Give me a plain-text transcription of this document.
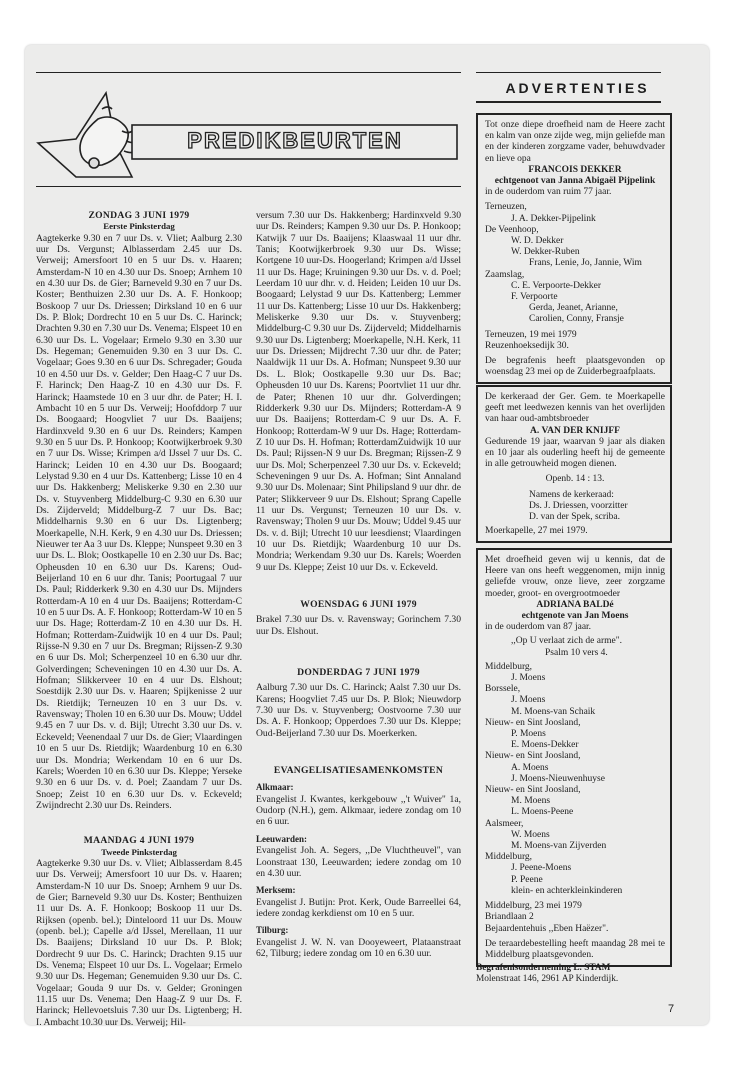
PREDIKBEURTEN

ZONDAG 3 JUNI 1979

Eerste Pinksterdag

Aagtekerke 9.30 en 7 uur Ds. v. Vliet; Aalburg 2.30 uur Ds. Vergunst; Alblasserdam 2.45 uur Ds. Verweij; Amersfoort 10 en 5 uur Ds. v. Haaren; Amsterdam-N 10 en 4.30 uur Ds. Snoep; Arnhem 10 en 4.30 uur Ds. de Gier; Barneveld 9.30 en 7 uur Ds. Koster; Benthuizen 2.30 uur Ds. A. F. Honkoop; Boskoop 7 uur Ds. Driessen; Dirksland 10 en 6 uur Ds. P. Blok; Dordrecht 10 en 5 uur Ds. C. Harinck; Drachten 9.30 en 7.30 uur Ds. Venema; Elspeet 10 en 6.30 uur Ds. L. Vogelaar; Ermelo 9.30 en 3.30 uur Ds. Hegeman; Genemuiden 9.30 en 3 uur Ds. C. Vogelaar; Goes 9.30 en 6 uur Ds. Schregader; Gouda 10 en 4.50 uur Ds. v. Gelder; Den Haag-C 7 uur Ds. F. Harinck; Den Haag-Z 10 en 4.30 uur Ds. F. Harinck; Haamstede 10 en 3 uur dhr. de Pater; H. I. Ambacht 10 en 5 uur Ds. Verweij; Hoofddorp 7 uur Ds. Boogaard; Hoogvliet 7 uur Ds. Baaijens; Hardinxveld 9.30 en 6 uur Ds. Reinders; Kampen 9.30 en 5 uur Ds. P. Honkoop; Kootwijkerbroek 9.30 en 7 uur Ds. Wisse; Krimpen a/d IJssel 7 uur Ds. C. Harinck; Leiden 10 en 4.30 uur Ds. Boogaard; Lelystad 9.30 en 4 uur Ds. Kattenberg; Lisse 10 en 4 uur Ds. Hakkenberg; Meliskerke 9.30 en 2.30 uur Ds. v. Stuyvenberg Middelburg-C 9.30 en 6.30 uur Ds. Zijderveld; Middelburg-Z 7 uur Ds. Bac; Middelharnis 9.30 en 6 uur Ds. Ligtenberg; Moerkapelle, N.H. Kerk, 9 en 4.30 uur Ds. Driessen; Nieuwer ter Aa 3 uur Ds. Kleppe; Nunspeet 9.30 en 3 uur Ds. L. Blok; Oostkapelle 10 en 2.30 uur Ds. Bac; Opheusden 10 en 6.30 uur Ds. Karens; Oud-Beijerland 10 en 6 uur dhr. Tanis; Poortugaal 7 uur Ds. Paul; Ridderkerk 9.30 en 4.30 uur Ds. Mijnders Rotterdam-A 10 en 4 uur Ds. Baaijens; Rotterdam-C 10 en 5 uur Ds. A. F. Honkoop; Rotterdam-W 10 en 5 uur Ds. Hage; Rotterdam-Z 10 en 4.30 uur Ds. H. Hofman; Rotterdam-Zuidwijk 10 en 4 uur Ds. Paul; Rijsse-N 9.30 en 7 uur Ds. Bregman; Rijssen-Z 9.30 en 6 uur Ds. Mol; Scherpenzeel 10 en 6.30 uur dhr. Golverdingen; Scheveningen 10 en 4.30 uur Ds. A. Hofman; Slikkerveer 10 en 4 uur Ds. Elshout; Soestdijk 2.30 uur Ds. v. Haaren; Spijkenisse 2 uur Ds. Rietdijk; Terneuzen 10 en 3 uur Ds. v. Ravensway; Tholen 10 en 6.30 uur Ds. Mouw; Uddel 9.45 en 7 uur Ds. v. d. Bijl; Utrecht 3.30 uur Ds. v. Eckeveld; Veenendaal 7 uur Ds. de Gier; Vlaardingen 10 en 5 uur Ds. Rietdijk; Waardenburg 10 en 6.30 uur Ds. Mondria; Werkendam 10 en 6 uur Ds. Karels; Woerden 10 en 6.30 uur Ds. Kleppe; Yerseke 9.30 en 6 uur Ds. v. d. Poel; Zaandam 7 uur Ds. Snoep; Zeist 10 en 6.30 uur Ds. v. Eckeveld; Zwijndrecht 2.30 uur Ds. Reinders.

MAANDAG 4 JUNI 1979

Tweede Pinksterdag

Aagtekerke 9.30 uur Ds. v. Vliet; Alblasserdam 8.45 uur Ds. Verweij; Amersfoort 10 uur Ds. v. Haaren; Amsterdam-N 10 uur Ds. Snoep; Arnhem 9 uur Ds. de Gier; Barneveld 9.30 uur Ds. Koster; Benthuizen 11 uur Ds. A. F. Honkoop; Boskoop 11 uur Ds. Rijksen (openb. bel.); Dinteloord 11 uur Ds. Mouw (openb. bel.); Capelle a/d IJssel, Merellaan, 11 uur Ds. Baaijens; Dirksland 10 uur Ds. P. Blok; Dordrecht 9 uur Ds. C. Harinck; Drachten 9.15 uur Ds. Venema; Elspeet 10 uur Ds. L. Vogelaar; Ermelo 9.30 uur Ds. Hegeman; Genemuiden 9.30 uur Ds. C. Vogelaar; Gouda 9 uur Ds. v. Gelder; Groningen 11.15 uur Ds. Venema; Den Haag-Z 9 uur Ds. F. Harinck; Hellevoetsluis 7.30 uur Ds. Ligtenberg; H. I. Ambacht 10.30 uur Ds. Verweij; Hil-

versum 7.30 uur Ds. Hakkenberg; Hardinxveld 9.30 uur Ds. Reinders; Kampen 9.30 uur Ds. P. Honkoop; Katwijk 7 uur Ds. Baaijens; Klaaswaal 11 uur dhr. Tanis; Kootwijkerbroek 9.30 uur Ds. Wisse; Kortgene 10 uur-Ds. Hoogerland; Krimpen a/d IJssel 11 uur Ds. Hage; Kruiningen 9.30 uur Ds. v. d. Poel; Leerdam 10 uur dhr. v. d. Heiden; Leiden 10 uur Ds. Boogaard; Lelystad 9 uur Ds. Kattenberg; Lemmer 11 uur Ds. Kattenberg; Lisse 10 uur Ds. Hakkenberg; Meliskerke 9.30 uur Ds. v. Stuyvenberg; Middelburg-C 9.30 uur Ds. Zijderveld; Middelharnis 9.30 uur Ds. Ligtenberg; Moerkapelle, N.H. Kerk, 11 uur Ds. Driessen; Mijdrecht 7.30 uur dhr. de Pater; Naaldwijk 11 uur Ds. A. Hofman; Nunspeet 9.30 uur Ds. L. Blok; Oostkapelle 9.30 uur Ds. Bac; Opheusden 10 uur Ds. Karens; Poortvliet 11 uur dhr. de Pater; Rhenen 10 uur dhr. Golverdingen; Ridderkerk 9.30 uur Ds. Mijnders; Rotterdam-A 9 uur Ds. Baaijens; Rotterdam-C 9 uur Ds. A. F. Honkoop; Rotterdam-W 9 uur Ds. Hage; Rotterdam-Z 10 uur Ds. H. Hofman; RotterdamZuidwijk 10 uur Ds. Paul; Rijssen-N 9 uur Ds. Bregman; Rijssen-Z 9 uur Ds. Mol; Scherpenzeel 7.30 uur Ds. v. Eckeveld; Scheveningen 9 uur Ds. A. Hofman; Sint Annaland 9.30 uur Ds. Molenaar; Sint Philipsland 9 uur dhr. de Pater; Slikkerveer 9 uur Ds. Elshout; Sprang Capelle 11 uur Ds. Vergunst; Terneuzen 10 uur Ds. v. Ravensway; Tholen 9 uur Ds. Mouw; Uddel 9.45 uur Ds. v. d. Bijl; Utrecht 10 uur leesdienst; Vlaardingen 10 uur Ds. Rietdijk; Waardenburg 10 uur Ds. Mondria; Werkendam 9.30 uur Ds. Karels; Woerden 9 uur Ds. Kleppe; Zeist 10 uur Ds. v. Eckeveld.

WOENSDAG 6 JUNI 1979

Brakel 7.30 uur Ds. v. Ravensway; Gorinchem 7.30 uur Ds. Elshout.

DONDERDAG 7 JUNI 1979

Aalburg 7.30 uur Ds. C. Harinck; Aalst 7.30 uur Ds. Karens; Hoogvliet 7.45 uur Ds. P. Blok; Nieuwdorp 7.30 uur Ds. v. Stuyvenberg; Oostvoorne 7.30 uur Ds. A. F. Honkoop; Opperdoes 7.30 uur Ds. Kleppe; Oud-Beijerland 7.30 uur Ds. Moerkerken.

EVANGELISATIESAMENKOMSTEN

Alkmaar:

Evangelist J. Kwantes, kerkgebouw ,,'t Wuiver" 1a, Oudorp (N.H.), gem. Alkmaar, iedere zondag om 10 en 6 uur.

Leeuwarden:

Evangelist Joh. A. Segers, ,,De Vluchtheuvel", van Loonstraat 130, Leeuwarden; iedere zondag om 10 en 4.30 uur.

Merksem:

Evangelist J. Butijn: Prot. Kerk, Oude Barreellei 64, iedere zondag kerkdienst om 10 en 5 uur.

Tilburg:

Evangelist J. W. N. van Dooyeweert, Plataanstraat 62, Tilburg; iedere zondag om 10 en 6.30 uur.

ADVERTENTIES
Tot onze diepe droefheid nam de Heere zacht en kalm van onze zijde weg, mijn geliefde man en der kinderen zorgzame vader, behuwdvader en lieve opa
FRANCOIS DEKKER
echtgenoot van Janna Abigaël Pijpelink
in de ouderdom van ruim 77 jaar.
Terneuzen,
J. A. Dekker-Pijpelink
De Veenhoop,
W. D. Dekker
W. Dekker-Ruben
Frans, Lenie, Jo, Jannie, Wim
Zaamslag,
C. E. Verpoorte-Dekker
F. Verpoorte
Gerda, Jeanet, Arianne,
Carolien, Conny, Fransje
Terneuzen, 19 mei 1979
Reuzenhoeksedijk 30.
De begrafenis heeft plaatsgevonden op woensdag 23 mei op de Zuiderbegraafplaats.
De kerkeraad der Ger. Gem. te Moerkapelle geeft met leedwezen kennis van het overlijden van haar oud-ambtsbroeder
A. VAN DER KNIJFF
Gedurende 19 jaar, waarvan 9 jaar als diaken en 10 jaar als ouderling heeft hij de gemeente in alle getrouwheid mogen dienen.
Openb. 14 : 13.
Namens de kerkeraad:
Ds. J. Driessen, voorzitter
D. van der Spek, scriba.
Moerkapelle, 27 mei 1979.
Met droefheid geven wij u kennis, dat de Heere van ons heeft weggenomen, mijn innig geliefde vrouw, onze lieve, zeer zorgzame moeder, groot- en overgrootmoeder
ADRIANA BALDé
echtgenote van Jan Moens
in de ouderdom van 87 jaar.
,,Op U verlaat zich de arme".
Psalm 10 vers 4.
Middelburg,
J. Moens
Borssele,
J. Moens
M. Moens-van Schaik
Nieuw- en Sint Joosland,
P. Moens
E. Moens-Dekker
Nieuw- en Sint Joosland,
A. Moens
J. Moens-Nieuwenhuyse
Nieuw- en Sint Joosland,
M. Moens
L. Moens-Peene
Aalsmeer,
W. Moens
M. Moens-van Zijverden
Middelburg,
J. Peene-Moens
P. Peene
klein- en achterkleinkinderen
Middelburg, 23 mei 1979
Briandlaan 2
Bejaardentehuis ,,Eben Haëzer".
De teraardebestelling heeft maandag 28 mei te Middelburg plaatsgevonden.
Begrafenisonderneming L. STAM
Molenstraat 146, 2961 AP Kinderdijk.
7
